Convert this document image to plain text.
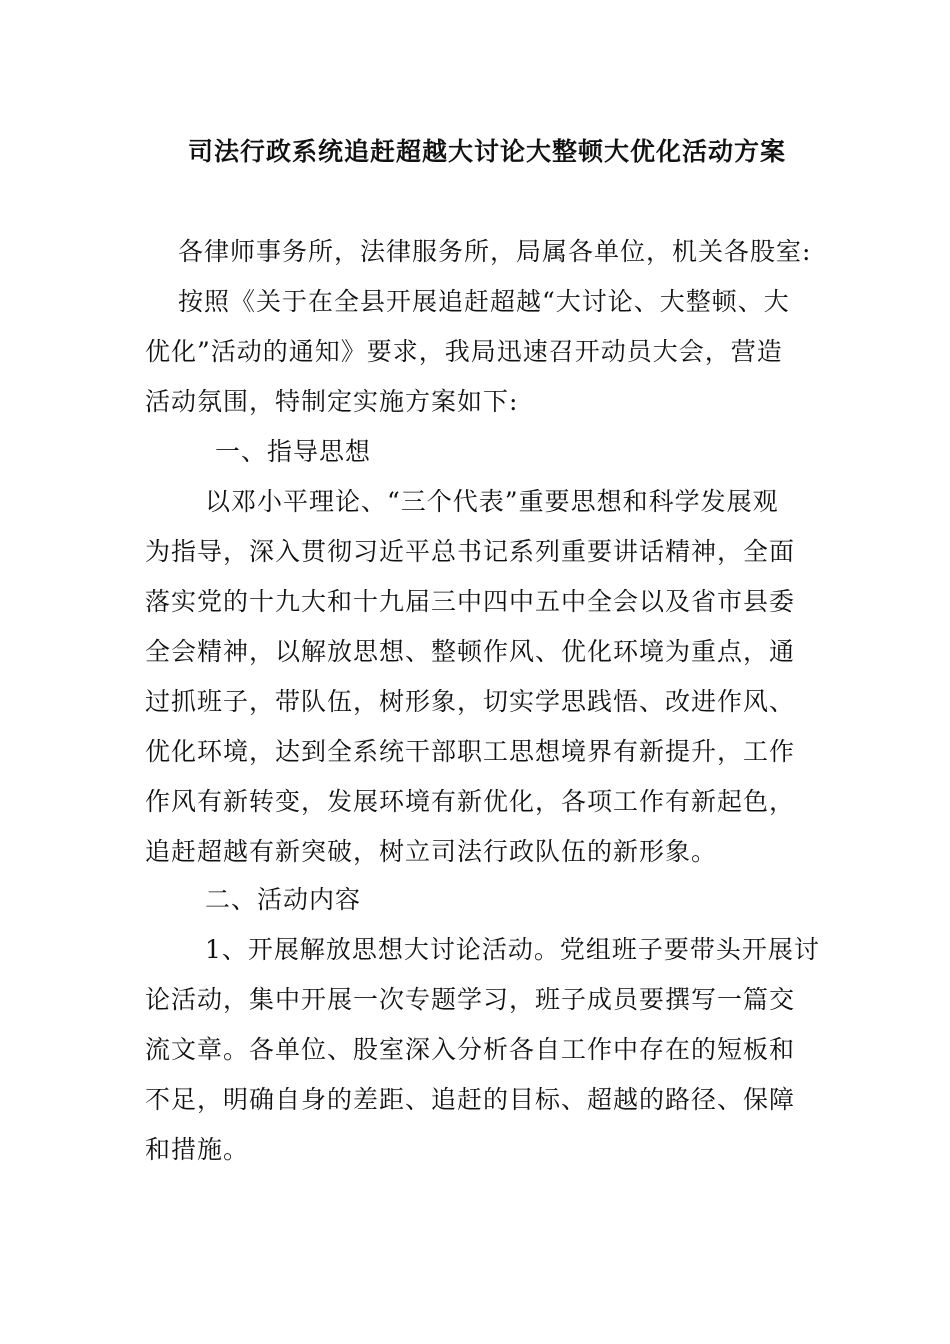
司法行政系统追赶超越大讨论大整顿大优化活动方案
各律师事务所，法律服务所，局属各单位，机关各股室:
按照《关于在全县开展追赶超越“大讨论、大整顿、大
优化”活动的通知》要求，我局迅速召开动员大会，营造
活动氛围，特制定实施方案如下:
一、指导思想
以邓小平理论、“三个代表”重要思想和科学发展观
为指导，深入贯彻习近平总书记系列重要讲话精神，全面
落实党的十九大和十九届三中四中五中全会以及省市县委
全会精神，以解放思想、整顿作风、优化环境为重点，通
过抓班子，带队伍，树形象，切实学思践悟、改进作风、
优化环境，达到全系统干部职工思想境界有新提升，工作
作风有新转变，发展环境有新优化，各项工作有新起色，
追赶超越有新突破，树立司法行政队伍的新形象。
二、活动内容
1、开展解放思想大讨论活动。党组班子要带头开展讨
论活动，集中开展一次专题学习，班子成员要撰写一篇交
流文章。各单位、股室深入分析各自工作中存在的短板和
不足，明确自身的差距、追赶的目标、超越的路径、保障
和措施。
